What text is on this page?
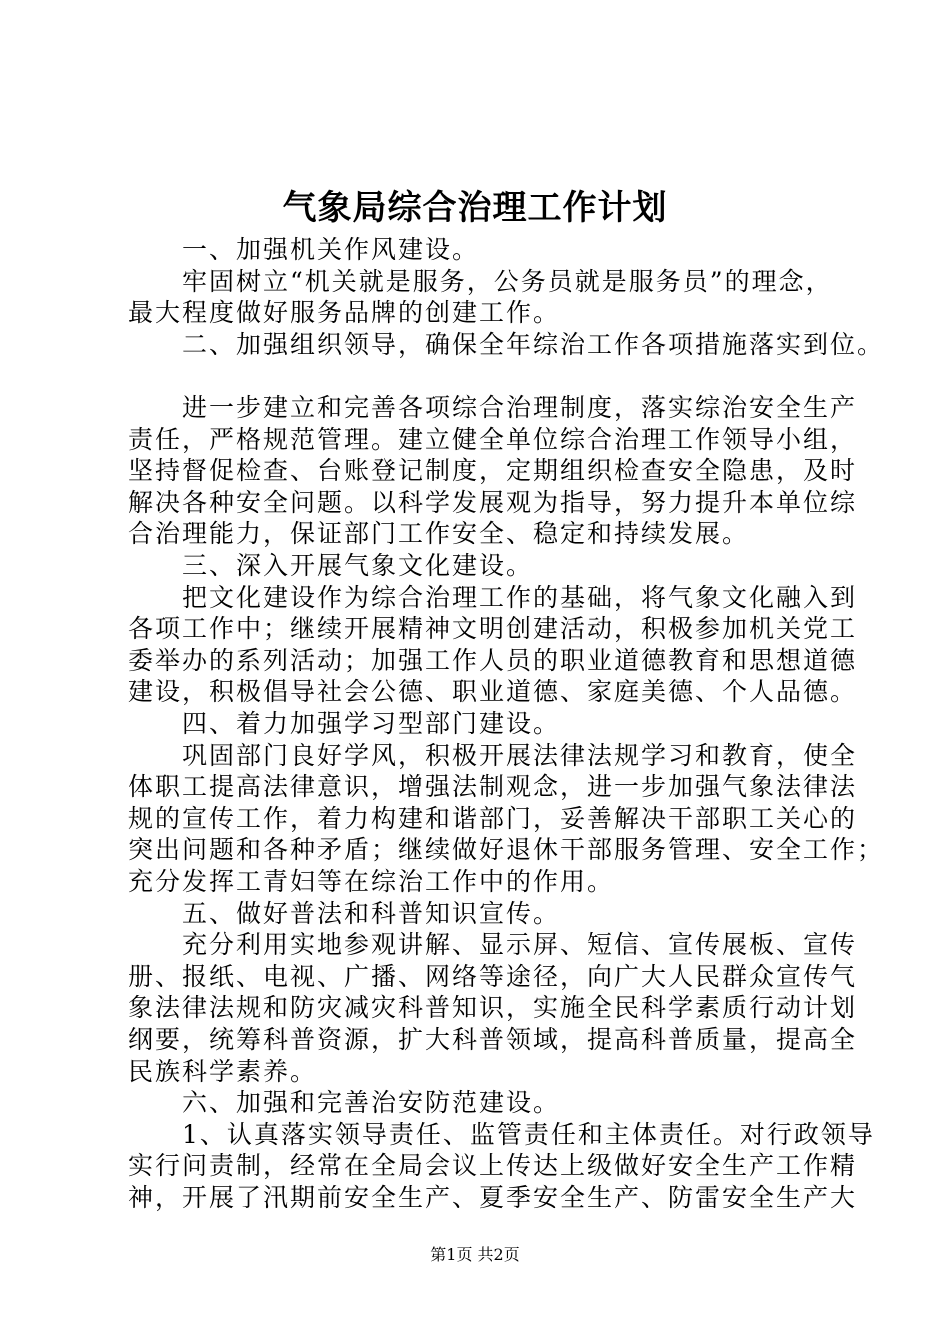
气象局综合治理工作计划
一、加强机关作风建设。
牢固树立“机关就是服务，公务员就是服务员”的理念，
最大程度做好服务品牌的创建工作。
二、加强组织领导，确保全年综治工作各项措施落实到位。
进一步建立和完善各项综合治理制度，落实综治安全生产
责任，严格规范管理。建立健全单位综合治理工作领导小组，
坚持督促检查、台账登记制度，定期组织检查安全隐患，及时
解决各种安全问题。以科学发展观为指导，努力提升本单位综
合治理能力，保证部门工作安全、稳定和持续发展。
三、深入开展气象文化建设。
把文化建设作为综合治理工作的基础，将气象文化融入到
各项工作中；继续开展精神文明创建活动，积极参加机关党工
委举办的系列活动；加强工作人员的职业道德教育和思想道德
建设，积极倡导社会公德、职业道德、家庭美德、个人品德。
四、着力加强学习型部门建设。
巩固部门良好学风，积极开展法律法规学习和教育，使全
体职工提高法律意识，增强法制观念，进一步加强气象法律法
规的宣传工作，着力构建和谐部门，妥善解决干部职工关心的
突出问题和各种矛盾；继续做好退休干部服务管理、安全工作；
充分发挥工青妇等在综治工作中的作用。
五、做好普法和科普知识宣传。
充分利用实地参观讲解、显示屏、短信、宣传展板、宣传
册、报纸、电视、广播、网络等途径，向广大人民群众宣传气
象法律法规和防灾减灾科普知识，实施全民科学素质行动计划
纲要，统筹科普资源，扩大科普领域，提高科普质量，提高全
民族科学素养。
六、加强和完善治安防范建设。
1、认真落实领导责任、监管责任和主体责任。对行政领导
实行问责制，经常在全局会议上传达上级做好安全生产工作精
神，开展了汛期前安全生产、夏季安全生产、防雷安全生产大
第1页 共2页
